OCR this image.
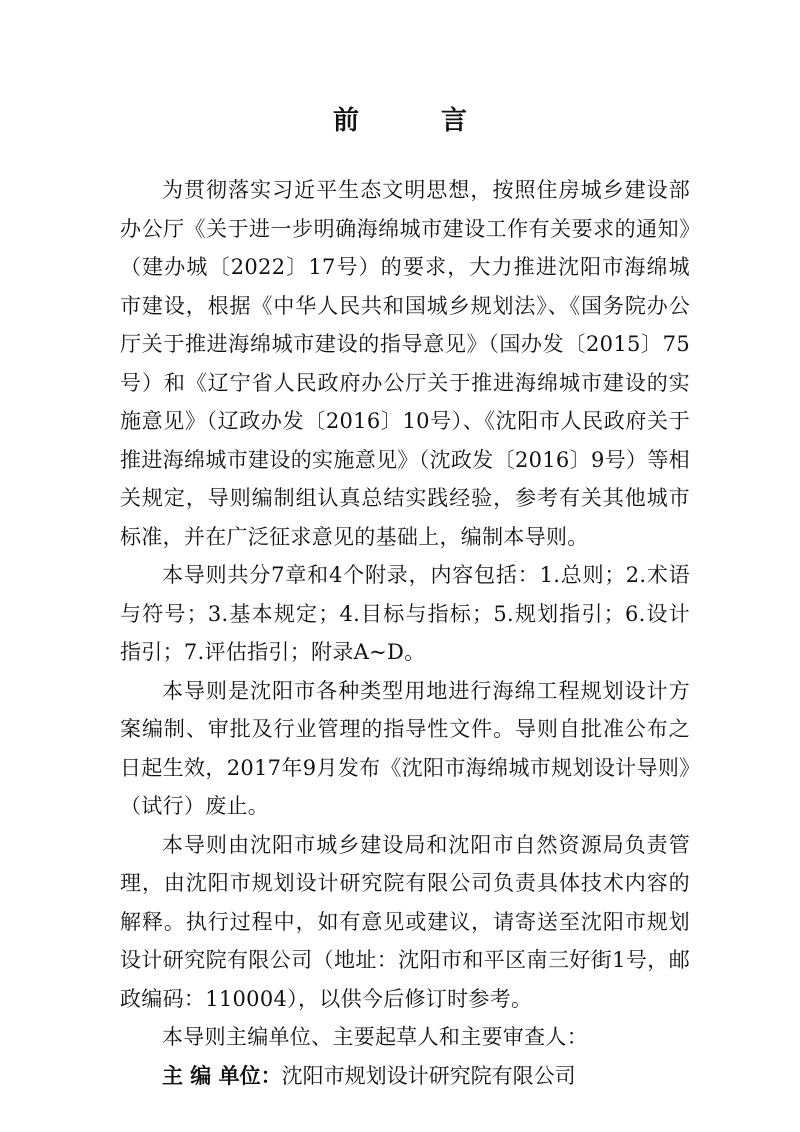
前　言

为贯彻落实习近平生态文明思想，按照住房城乡建设部办公厅《关于进一步明确海绵城市建设工作有关要求的通知》（建办城〔2022〕17号）的要求，大力推进沈阳市海绵城市建设，根据《中华人民共和国城乡规划法》、《国务院办公厅关于推进海绵城市建设的指导意见》（国办发〔2015〕75号）和《辽宁省人民政府办公厅关于推进海绵城市建设的实施意见》（辽政办发〔2016〕10号）、《沈阳市人民政府关于推进海绵城市建设的实施意见》（沈政发〔2016〕9号）等相关规定，导则编制组认真总结实践经验，参考有关其他城市标准，并在广泛征求意见的基础上，编制本导则。

本导则共分7章和4个附录，内容包括：1.总则；2.术语与符号；3.基本规定；4.目标与指标；5.规划指引；6.设计指引；7.评估指引；附录A~D。

本导则是沈阳市各种类型用地进行海绵工程规划设计方案编制、审批及行业管理的指导性文件。导则自批准公布之日起生效，2017年9月发布《沈阳市海绵城市规划设计导则》（试行）废止。

本导则由沈阳市城乡建设局和沈阳市自然资源局负责管理，由沈阳市规划设计研究院有限公司负责具体技术内容的解释。执行过程中，如有意见或建议，请寄送至沈阳市规划设计研究院有限公司（地址：沈阳市和平区南三好街1号，邮政编码：110004），以供今后修订时参考。

本导则主编单位、主要起草人和主要审查人：

主 编 单位：沈阳市规划设计研究院有限公司
